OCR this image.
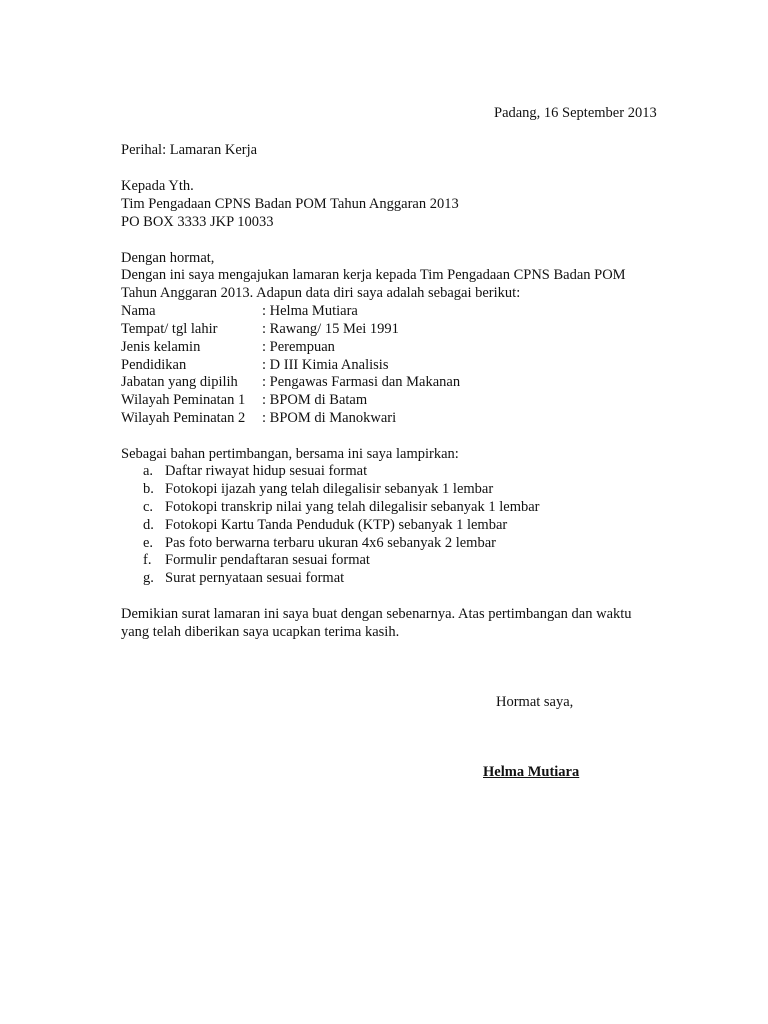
Padang, 16 September 2013
Perihal: Lamaran Kerja
Kepada Yth.
Tim Pengadaan CPNS Badan POM Tahun Anggaran 2013
PO BOX 3333 JKP 10033
Dengan hormat,
Dengan ini saya mengajukan lamaran kerja kepada Tim Pengadaan CPNS Badan POM
Tahun Anggaran 2013. Adapun data diri saya adalah sebagai berikut:
Nama	: Helma Mutiara
Tempat/ tgl lahir	: Rawang/ 15 Mei 1991
Jenis kelamin	: Perempuan
Pendidikan	: D III Kimia Analisis
Jabatan yang dipilih : Pengawas Farmasi dan Makanan
Wilayah Peminatan 1 : BPOM di Batam
Wilayah Peminatan 2 : BPOM di Manokwari
Sebagai bahan pertimbangan, bersama ini saya lampirkan:
a. Daftar riwayat hidup sesuai format
b. Fotokopi ijazah yang telah dilegalisir sebanyak 1 lembar
c. Fotokopi transkrip nilai yang telah dilegalisir sebanyak 1 lembar
d. Fotokopi Kartu Tanda Penduduk (KTP) sebanyak 1 lembar
e. Pas foto berwarna terbaru ukuran 4x6 sebanyak 2 lembar
f. Formulir pendaftaran sesuai format
g. Surat pernyataan sesuai format
Demikian surat lamaran ini saya buat dengan sebenarnya. Atas pertimbangan dan waktu
yang telah diberikan saya ucapkan terima kasih.
Hormat saya,
Helma Mutiara
